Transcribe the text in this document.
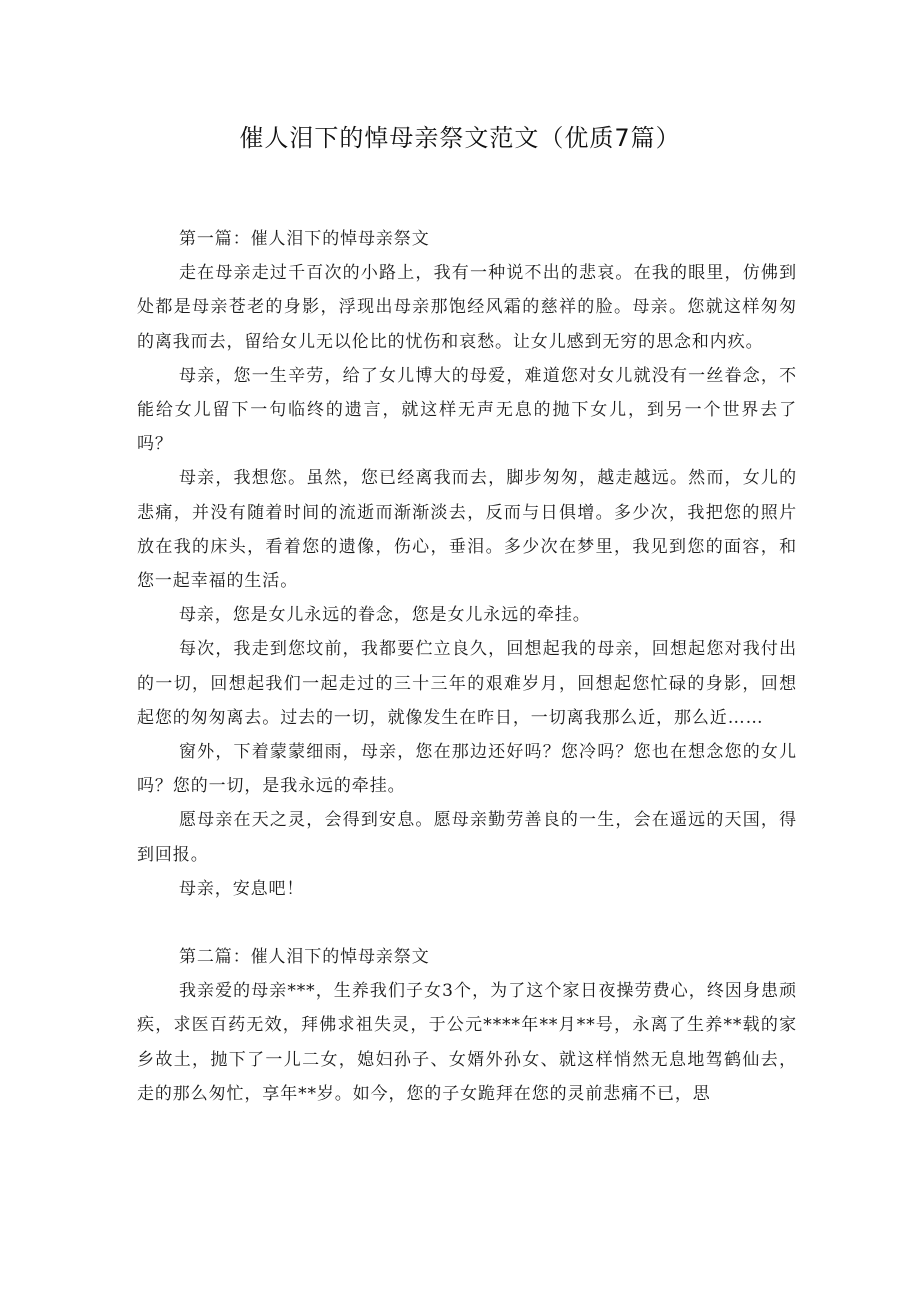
催人泪下的悼母亲祭文范文（优质7篇）
第一篇：催人泪下的悼母亲祭文

走在母亲走过千百次的小路上，我有一种说不出的悲哀。在我的眼里，仿佛到处都是母亲苍老的身影，浮现出母亲那饱经风霜的慈祥的脸。母亲。您就这样匆匆的离我而去，留给女儿无以伦比的忧伤和哀愁。让女儿感到无穷的思念和内疚。

母亲，您一生辛劳，给了女儿博大的母爱，难道您对女儿就没有一丝眷念，不能给女儿留下一句临终的遗言，就这样无声无息的抛下女儿，到另一个世界去了吗？

母亲，我想您。虽然，您已经离我而去，脚步匆匆，越走越远。然而，女儿的悲痛，并没有随着时间的流逝而渐渐淡去，反而与日俱增。多少次，我把您的照片放在我的床头，看着您的遗像，伤心，垂泪。多少次在梦里，我见到您的面容，和您一起幸福的生活。

母亲，您是女儿永远的眷念，您是女儿永远的牵挂。

每次，我走到您坟前，我都要伫立良久，回想起我的母亲，回想起您对我付出的一切，回想起我们一起走过的三十三年的艰难岁月，回想起您忙碌的身影，回想起您的匆匆离去。过去的一切，就像发生在昨日，一切离我那么近，那么近……

窗外，下着蒙蒙细雨，母亲，您在那边还好吗？您冷吗？您也在想念您的女儿吗？您的一切，是我永远的牵挂。

愿母亲在天之灵，会得到安息。愿母亲勤劳善良的一生，会在遥远的天国，得到回报。

母亲，安息吧！

第二篇：催人泪下的悼母亲祭文

我亲爱的母亲***，生养我们子女3个，为了这个家日夜操劳费心，终因身患顽疾，求医百药无效，拜佛求祖失灵，于公元****年**月**号，永离了生养**载的家乡故土，抛下了一儿二女，媳妇孙子、女婿外孙女、就这样悄然无息地驾鹤仙去，走的那么匆忙，享年**岁。如今，您的子女跪拜在您的灵前悲痛不已，思
